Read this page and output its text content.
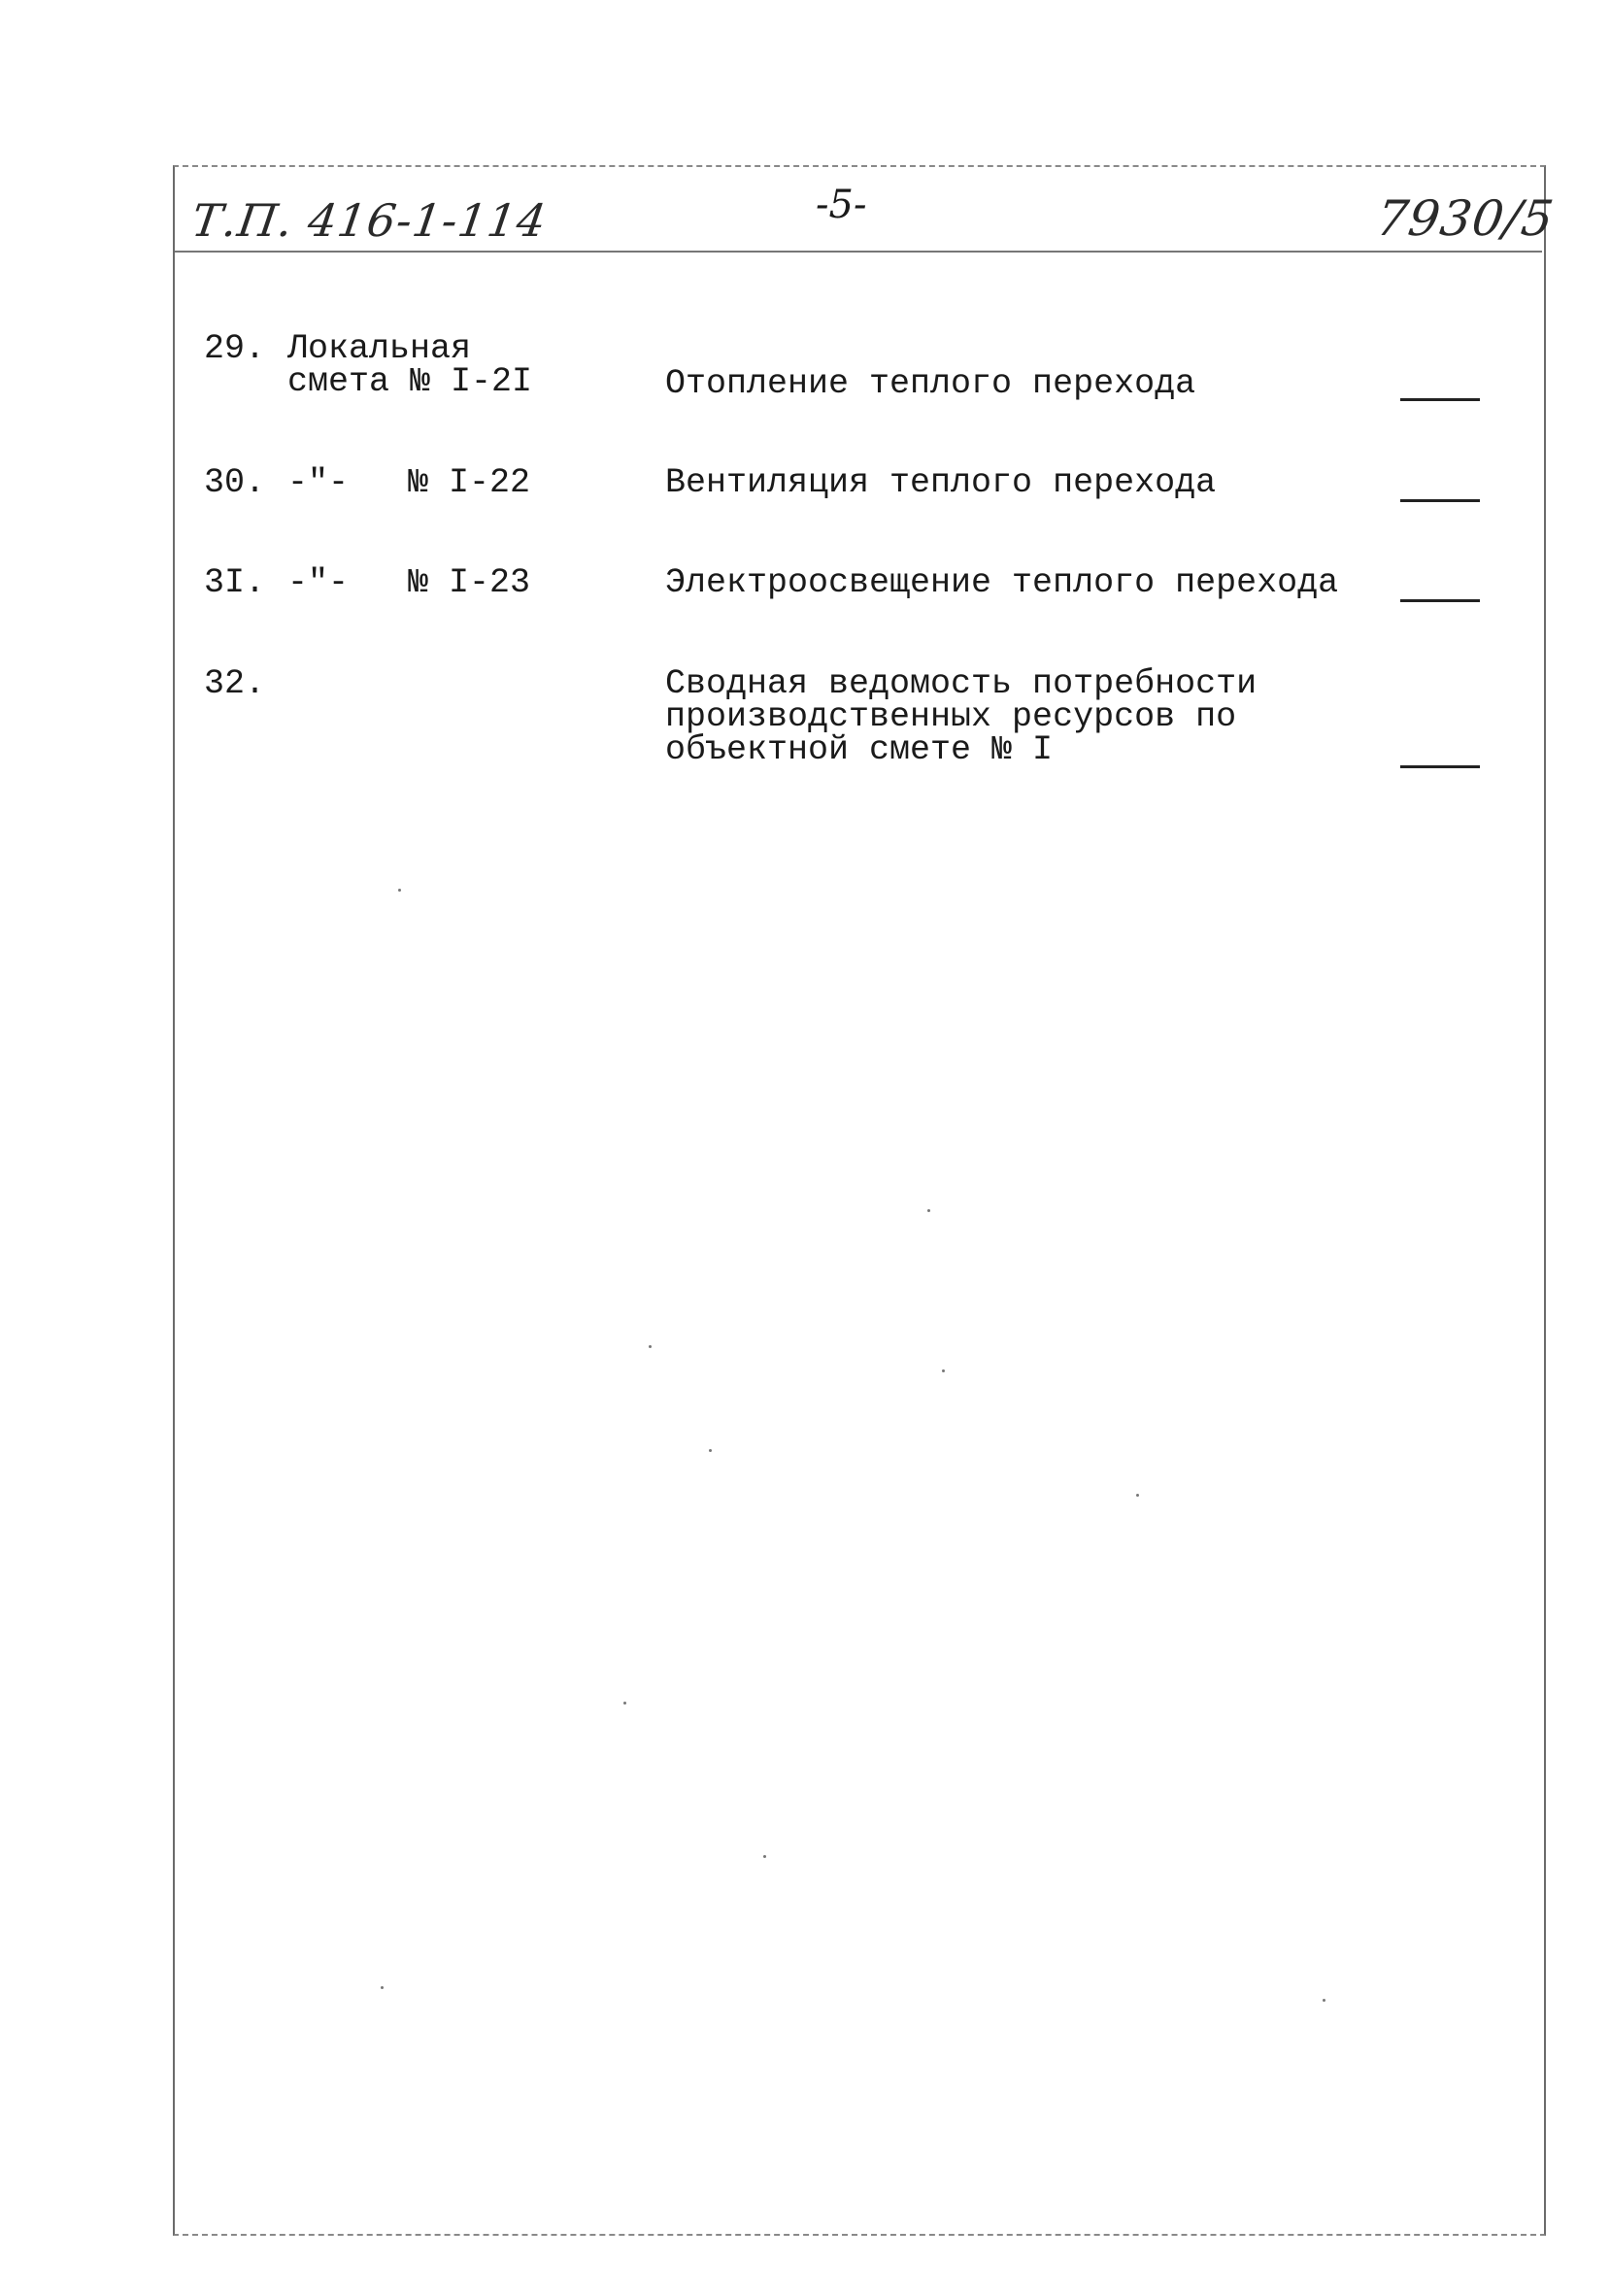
Т.П. 416-1-114	-5-	7930/5
29. Локальная
смета № I-2I	Отопление теплого перехода
30. -"- № I-22	Вентиляция теплого перехода
3I. -"- № I-23	Электроосвещение теплого перехода
32.	Сводная ведомость потребности
производственных ресурсов по
объектной смете № I
